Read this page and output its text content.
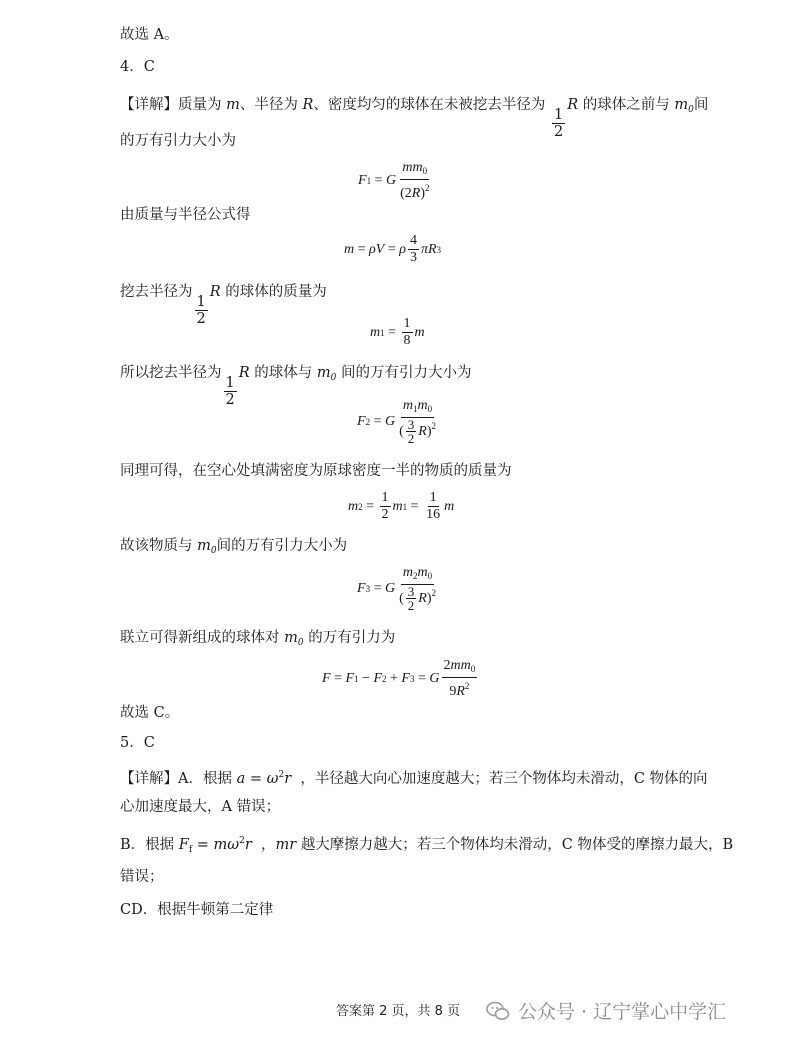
故选 A。
4．C
【详解】质量为 m、半径为 R、密度均匀的球体在未被挖去半径为
$\frac{1}{2}$
R 的球体之前与 $m_0$间
的万有引力大小为
F 1 = G $\frac{mm_0}{(2R)^2}$
由质量与半径公式得
m = ρV = ρ $\frac{4}{3}$ πR 3
挖去半径为
$\frac{1}{2}$
R 的球体的质量为
m $1 = \frac{1}{8}$ m
所以挖去半径为
$\frac{1}{2}$
R 的球体与 $m_0$ 间的万有引力大小为
F 2 = G $\frac{m_1m_0}{( \frac{3}{2} R)^2}$
同理可得，在空心处填满密度为原球密度一半的物质的质量为
m $2 = \frac{1}{2}$ m $1 = \frac{1}{16}$ m
故该物质与 $m_0$间的万有引力大小为
F 3 = G $\frac{m_2m_0}{( \frac{3}{2} R)^2}$
联立可得新组成的球体对 $m_0$ 的万有引力为
F = F 1 − F 2 + F 3 = G $\frac{2mm_0}{9R^2}$
故选 C。
5．C
【详解】A．根据 $a = \omega^2r$ ，半径越大向心加速度越大；若三个物体均未滑动，C 物体的向
心加速度最大，A 错误；
B．根据 $F_f = m\omega^2r$  ，mr 越大摩擦力越大；若三个物体均未滑动，C 物体受的摩擦力最大，B
错误；
CD．根据牛顿第二定律
答案第 2 页，共 8 页	公众号 · 辽宁掌心中学汇
